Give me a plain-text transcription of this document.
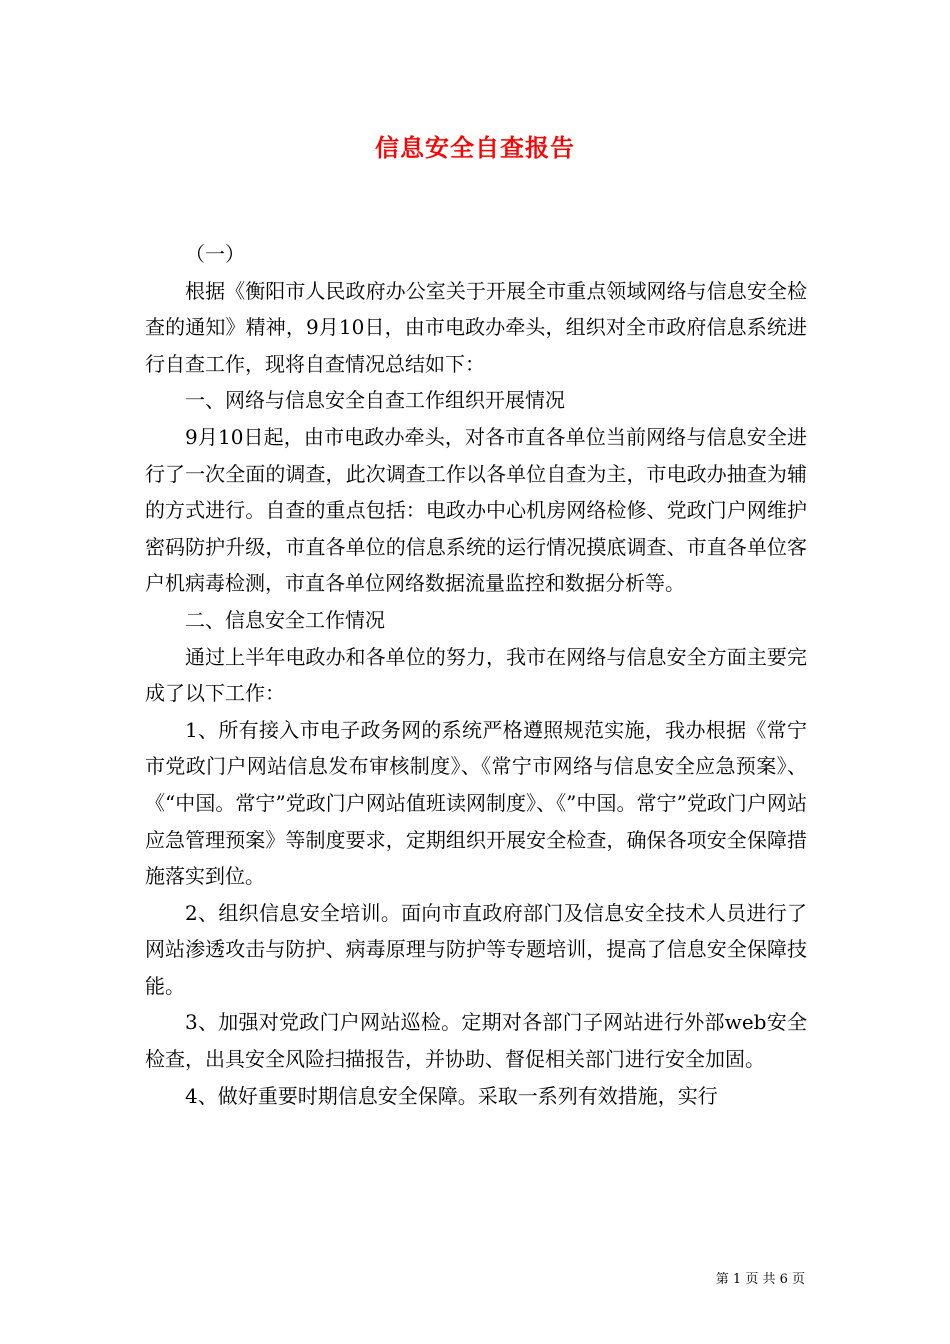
信息安全自查报告

（一）

根据《衡阳市人民政府办公室关于开展全市重点领域网络与信息安全检查的通知》精神，9月10日，由市电政办牵头，组织对全市政府信息系统进行自查工作，现将自查情况总结如下：

一、网络与信息安全自查工作组织开展情况

9月10日起，由市电政办牵头，对各市直各单位当前网络与信息安全进行了一次全面的调查，此次调查工作以各单位自查为主，市电政办抽查为辅的方式进行。自查的重点包括：电政办中心机房网络检修、党政门户网维护密码防护升级，市直各单位的信息系统的运行情况摸底调查、市直各单位客户机病毒检测，市直各单位网络数据流量监控和数据分析等。

二、信息安全工作情况

通过上半年电政办和各单位的努力，我市在网络与信息安全方面主要完成了以下工作：

1、所有接入市电子政务网的系统严格遵照规范实施，我办根据《常宁市党政门户网站信息发布审核制度》、《常宁市网络与信息安全应急预案》、《“中国。常宁”党政门户网站值班读网制度》、《”中国。常宁”党政门户网站应急管理预案》等制度要求，定期组织开展安全检查，确保各项安全保障措施落实到位。

2、组织信息安全培训。面向市直政府部门及信息安全技术人员进行了网站渗透攻击与防护、病毒原理与防护等专题培训，提高了信息安全保障技能。

3、加强对党政门户网站巡检。定期对各部门子网站进行外部web安全检查，出具安全风险扫描报告，并协助、督促相关部门进行安全加固。

4、做好重要时期信息安全保障。采取一系列有效措施，实行

第 1 页 共 6 页
